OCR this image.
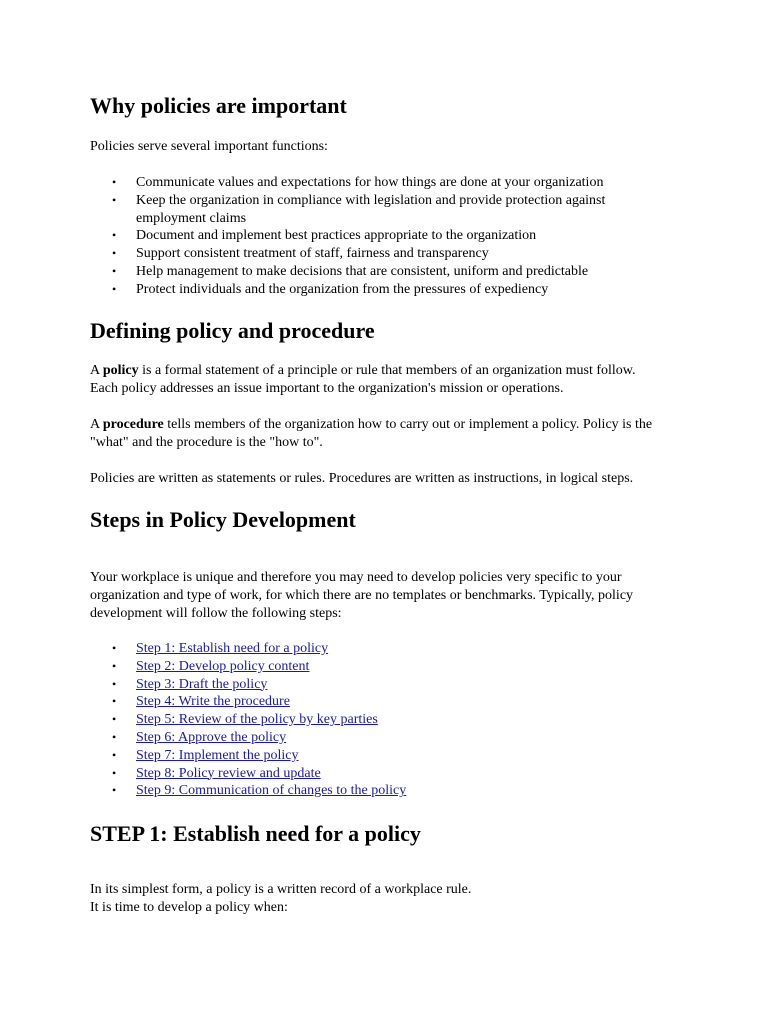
Why policies are important

Policies serve several important functions:

• Communicate values and expectations for how things are done at your organization
• Keep the organization in compliance with legislation and provide protection against employment claims
• Document and implement best practices appropriate to the organization
• Support consistent treatment of staff, fairness and transparency
• Help management to make decisions that are consistent, uniform and predictable
• Protect individuals and the organization from the pressures of expediency
Defining policy and procedure

A policy is a formal statement of a principle or rule that members of an organization must follow. Each policy addresses an issue important to the organization's mission or operations.

A procedure tells members of the organization how to carry out or implement a policy. Policy is the "what" and the procedure is the "how to".

Policies are written as statements or rules. Procedures are written as instructions, in logical steps.

Steps in Policy Development

Your workplace is unique and therefore you may need to develop policies very specific to your organization and type of work, for which there are no templates or benchmarks. Typically, policy development will follow the following steps:

• Step 1: Establish need for a policy
• Step 2: Develop policy content
• Step 3: Draft the policy
• Step 4: Write the procedure
• Step 5: Review of the policy by key parties
• Step 6: Approve the policy
• Step 7: Implement the policy
• Step 8: Policy review and update
• Step 9: Communication of changes to the policy
STEP 1: Establish need for a policy

In its simplest form, a policy is a written record of a workplace rule.

It is time to develop a policy when:
